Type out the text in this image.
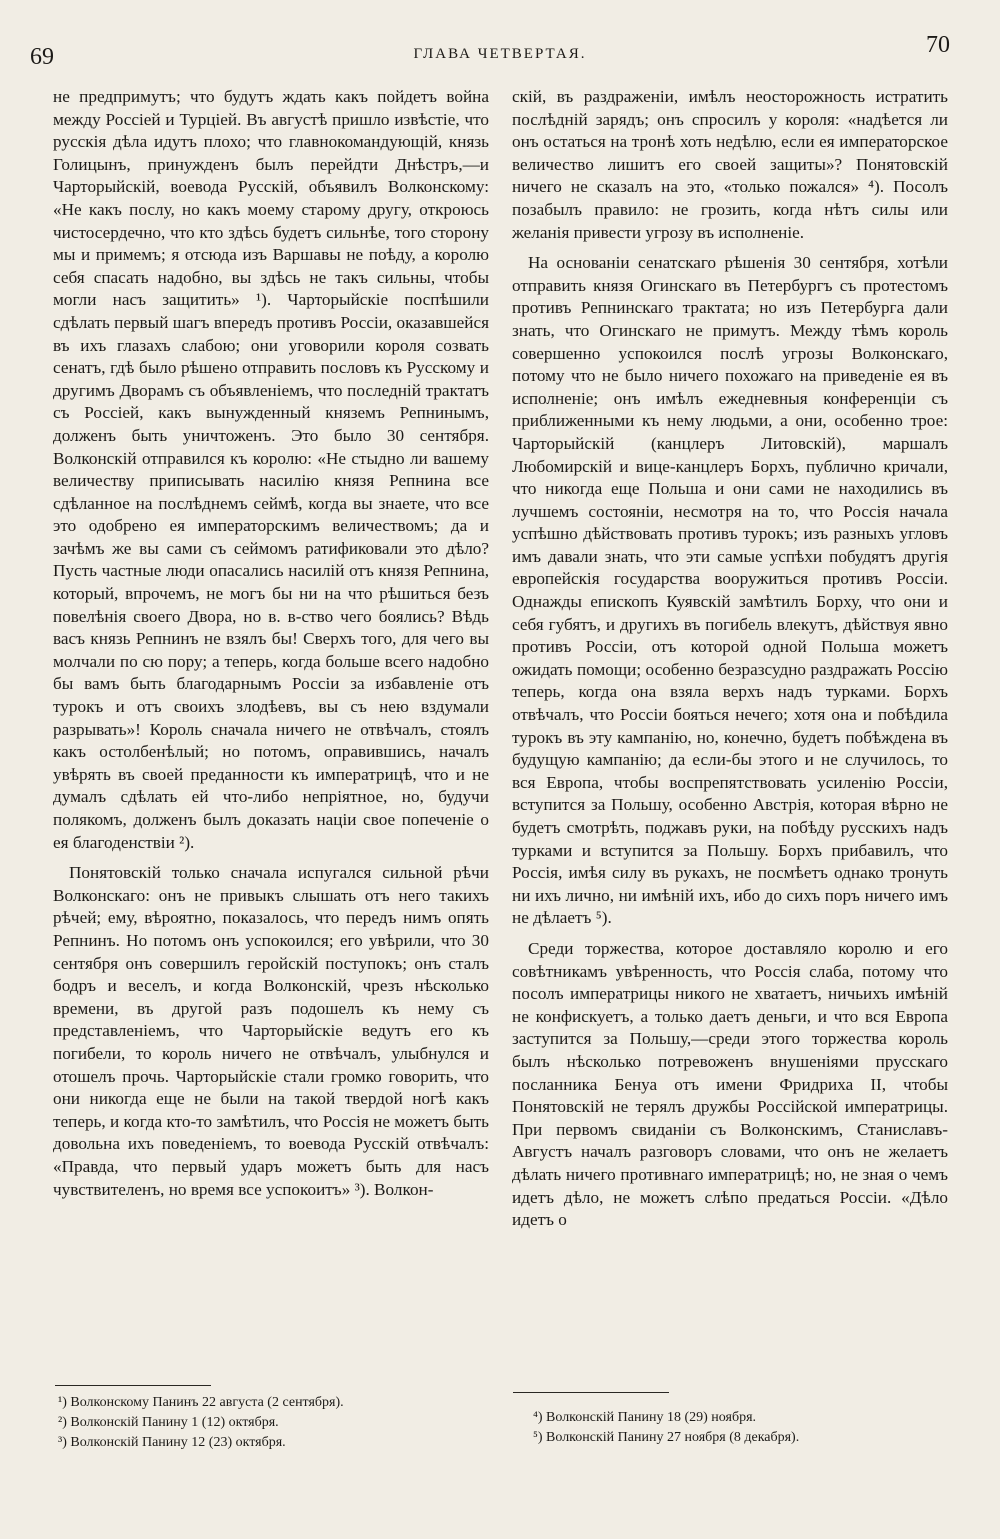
69	ГЛАВА ЧЕТВЕРТАЯ.	70

не предпримутъ; что будутъ ждать какъ пойдетъ война между Россiей и Турцiей. Въ августѣ пришло извѣстiе, что русскiя дѣла идутъ плохо; что главнокомандующiй, князь Голицынъ, принужденъ былъ перейдти Днѣстръ,—и Чарторыйскiй, воевода Русскiй, объявилъ Волконскому: «Не какъ послу, но какъ моему старому другу, откроюсь чистосердечно, что кто здѣсь будетъ сильнѣе, того сторону мы и примемъ; я отсюда изъ Варшавы не поѣду, а королю себя спасать надобно, вы здѣсь не такъ сильны, чтобы могли насъ защитить» ¹). Чарторыйскiе поспѣшили сдѣлать первый шагъ впередъ противъ Россiи, оказавшейся въ ихъ глазахъ слабою; они уговорили короля созвать сенатъ, гдѣ было рѣшено отправить пословъ къ Русскому и другимъ Дворамъ съ объявленiемъ, что последнiй трактатъ съ Россiей, какъ вынужденный княземъ Репнинымъ, долженъ быть уничтоженъ. Это было 30 сентября. Волконскiй отправился къ королю: «Не стыдно ли вашему величеству приписывать насилiю князя Репнина все сдѣланное на послѣднемъ сеймѣ, когда вы знаете, что все это одобрено ея императорскимъ величествомъ; да и зачѣмъ же вы сами съ сеймомъ ратификовали это дѣло? Пусть частные люди опасались насилiй отъ князя Репнина, который, впрочемъ, не могъ бы ни на что рѣшиться безъ повелѣнiя своего Двора, но в. в-ство чего боялись? Вѣдь васъ князь Репнинъ не взялъ бы! Сверхъ того, для чего вы молчали по сю пору; а теперь, когда больше всего надобно бы вамъ быть благодарнымъ Россiи за избавленiе отъ турокъ и отъ своихъ злодѣевъ, вы съ нею вздумали разрывать»! Король сначала ничего не отвѣчалъ, стоялъ какъ остолбенѣлый; но потомъ, оправившись, началъ увѣрять въ своей преданности къ императрицѣ, что и не думалъ сдѣлать ей что-либо непрiятное, но, будучи полякомъ, долженъ былъ доказать нацiи свое попеченiе о ея благоденствiи ²).

Понятовскiй только сначала испугался сильной рѣчи Волконскаго: онъ не привыкъ слышать отъ него такихъ рѣчей; ему, вѣроятно, показалось, что передъ нимъ опять Репнинъ. Но потомъ онъ успокоился; его увѣрили, что 30 сентября онъ совершилъ геройскiй поступокъ; онъ сталъ бодръ и веселъ, и когда Волконскiй, чрезъ нѣсколько времени, въ другой разъ подошелъ къ нему съ представленiемъ, что Чарторыйскiе ведутъ его къ погибели, то король ничего не отвѣчалъ, улыбнулся и отошелъ прочь. Чарторыйскiе стали громко говорить, что они никогда еще не были на такой твердой ногѣ какъ теперь, и когда кто-то замѣтилъ, что Россiя не можетъ быть довольна ихъ поведенiемъ, то воевода Русскiй отвѣчалъ: «Правда, что первый ударъ можетъ быть для насъ чувствителенъ, но время все успокоитъ» ³). Волкон-

скiй, въ раздраженiи, имѣлъ неосторожность истратить послѣднiй зарядъ; онъ спросилъ у короля: «надѣется ли онъ остаться на тронѣ хоть недѣлю, если ея императорское величество лишитъ его своей защиты»? Понятовскiй ничего не сказалъ на это, «только пожался» ⁴). Посолъ позабылъ правило: не грозить, когда нѣтъ силы или желанiя привести угрозу въ исполненiе.

На основанiи сенатскаго рѣшенiя 30 сентября, хотѣли отправить князя Огинскаго въ Петербургъ съ протестомъ противъ Репнинскаго трактата; но изъ Петербурга дали знать, что Огинскаго не примутъ. Между тѣмъ король совершенно успокоился послѣ угрозы Волконскаго, потому что не было ничего похожаго на приведенiе ея въ исполненiе; онъ имѣлъ ежедневныя конференцiи съ приближенными къ нему людьми, а они, особенно трое: Чарторыйскiй (канцлеръ Литовскiй), маршалъ Любомирскiй и вице-канцлеръ Борхъ, публично кричали, что никогда еще Польша и они сами не находились въ лучшемъ состоянiи, несмотря на то, что Россiя начала успѣшно дѣйствовать противъ турокъ; изъ разныхъ угловъ имъ давали знать, что эти самые успѣхи побудятъ другiя европейскiя государства вооружиться противъ Россiи. Однажды епископъ Куявскiй замѣтилъ Борху, что они и себя губятъ, и другихъ въ погибель влекутъ, дѣйствуя явно противъ Россiи, отъ которой одной Польша можетъ ожидать помощи; особенно безразсудно раздражать Россiю теперь, когда она взяла верхъ надъ турками. Борхъ отвѣчалъ, что Россiи бояться нечего; хотя она и побѣдила турокъ въ эту кампанiю, но, конечно, будетъ побѣждена въ будущую кампанiю; да если-бы этого и не случилось, то вся Европа, чтобы воспрепятствовать усиленiю Россiи, вступится за Польшу, особенно Австрiя, которая вѣрно не будетъ смотрѣть, поджавъ руки, на побѣду русскихъ надъ турками и вступится за Польшу. Борхъ прибавилъ, что Россiя, имѣя силу въ рукахъ, не посмѣетъ однако тронуть ни ихъ лично, ни имѣнiй ихъ, ибо до сихъ поръ ничего имъ не дѣлаетъ ⁵).

Среди торжества, которое доставляло королю и его совѣтникамъ увѣренность, что Россiя слаба, потому что посолъ императрицы никого не хватаетъ, ничьихъ имѣнiй не конфискуетъ, а только даетъ деньги, и что вся Европа заступится за Польшу,—среди этого торжества король былъ нѣсколько потревоженъ внушенiями прусскаго посланника Бенуа отъ имени Фридриха II, чтобы Понятовскiй не терялъ дружбы Россiйской императрицы. При первомъ свиданiи съ Волконскимъ, Станиславъ-Августъ началъ разговоръ словами, что онъ не желаетъ дѣлать ничего противнаго императрицѣ; но, не зная о чемъ идетъ дѣло, не можетъ слѣпо предаться Россiи. «Дѣло идетъ о

¹) Волконскому Панинъ 22 августа (2 сентября).
²) Волконскiй Панину 1 (12) октября.
³) Волконскiй Панину 12 (23) октября.
⁴) Волконскiй Панину 18 (29) ноября.
⁵) Волконскiй Панину 27 ноября (8 декабря).
